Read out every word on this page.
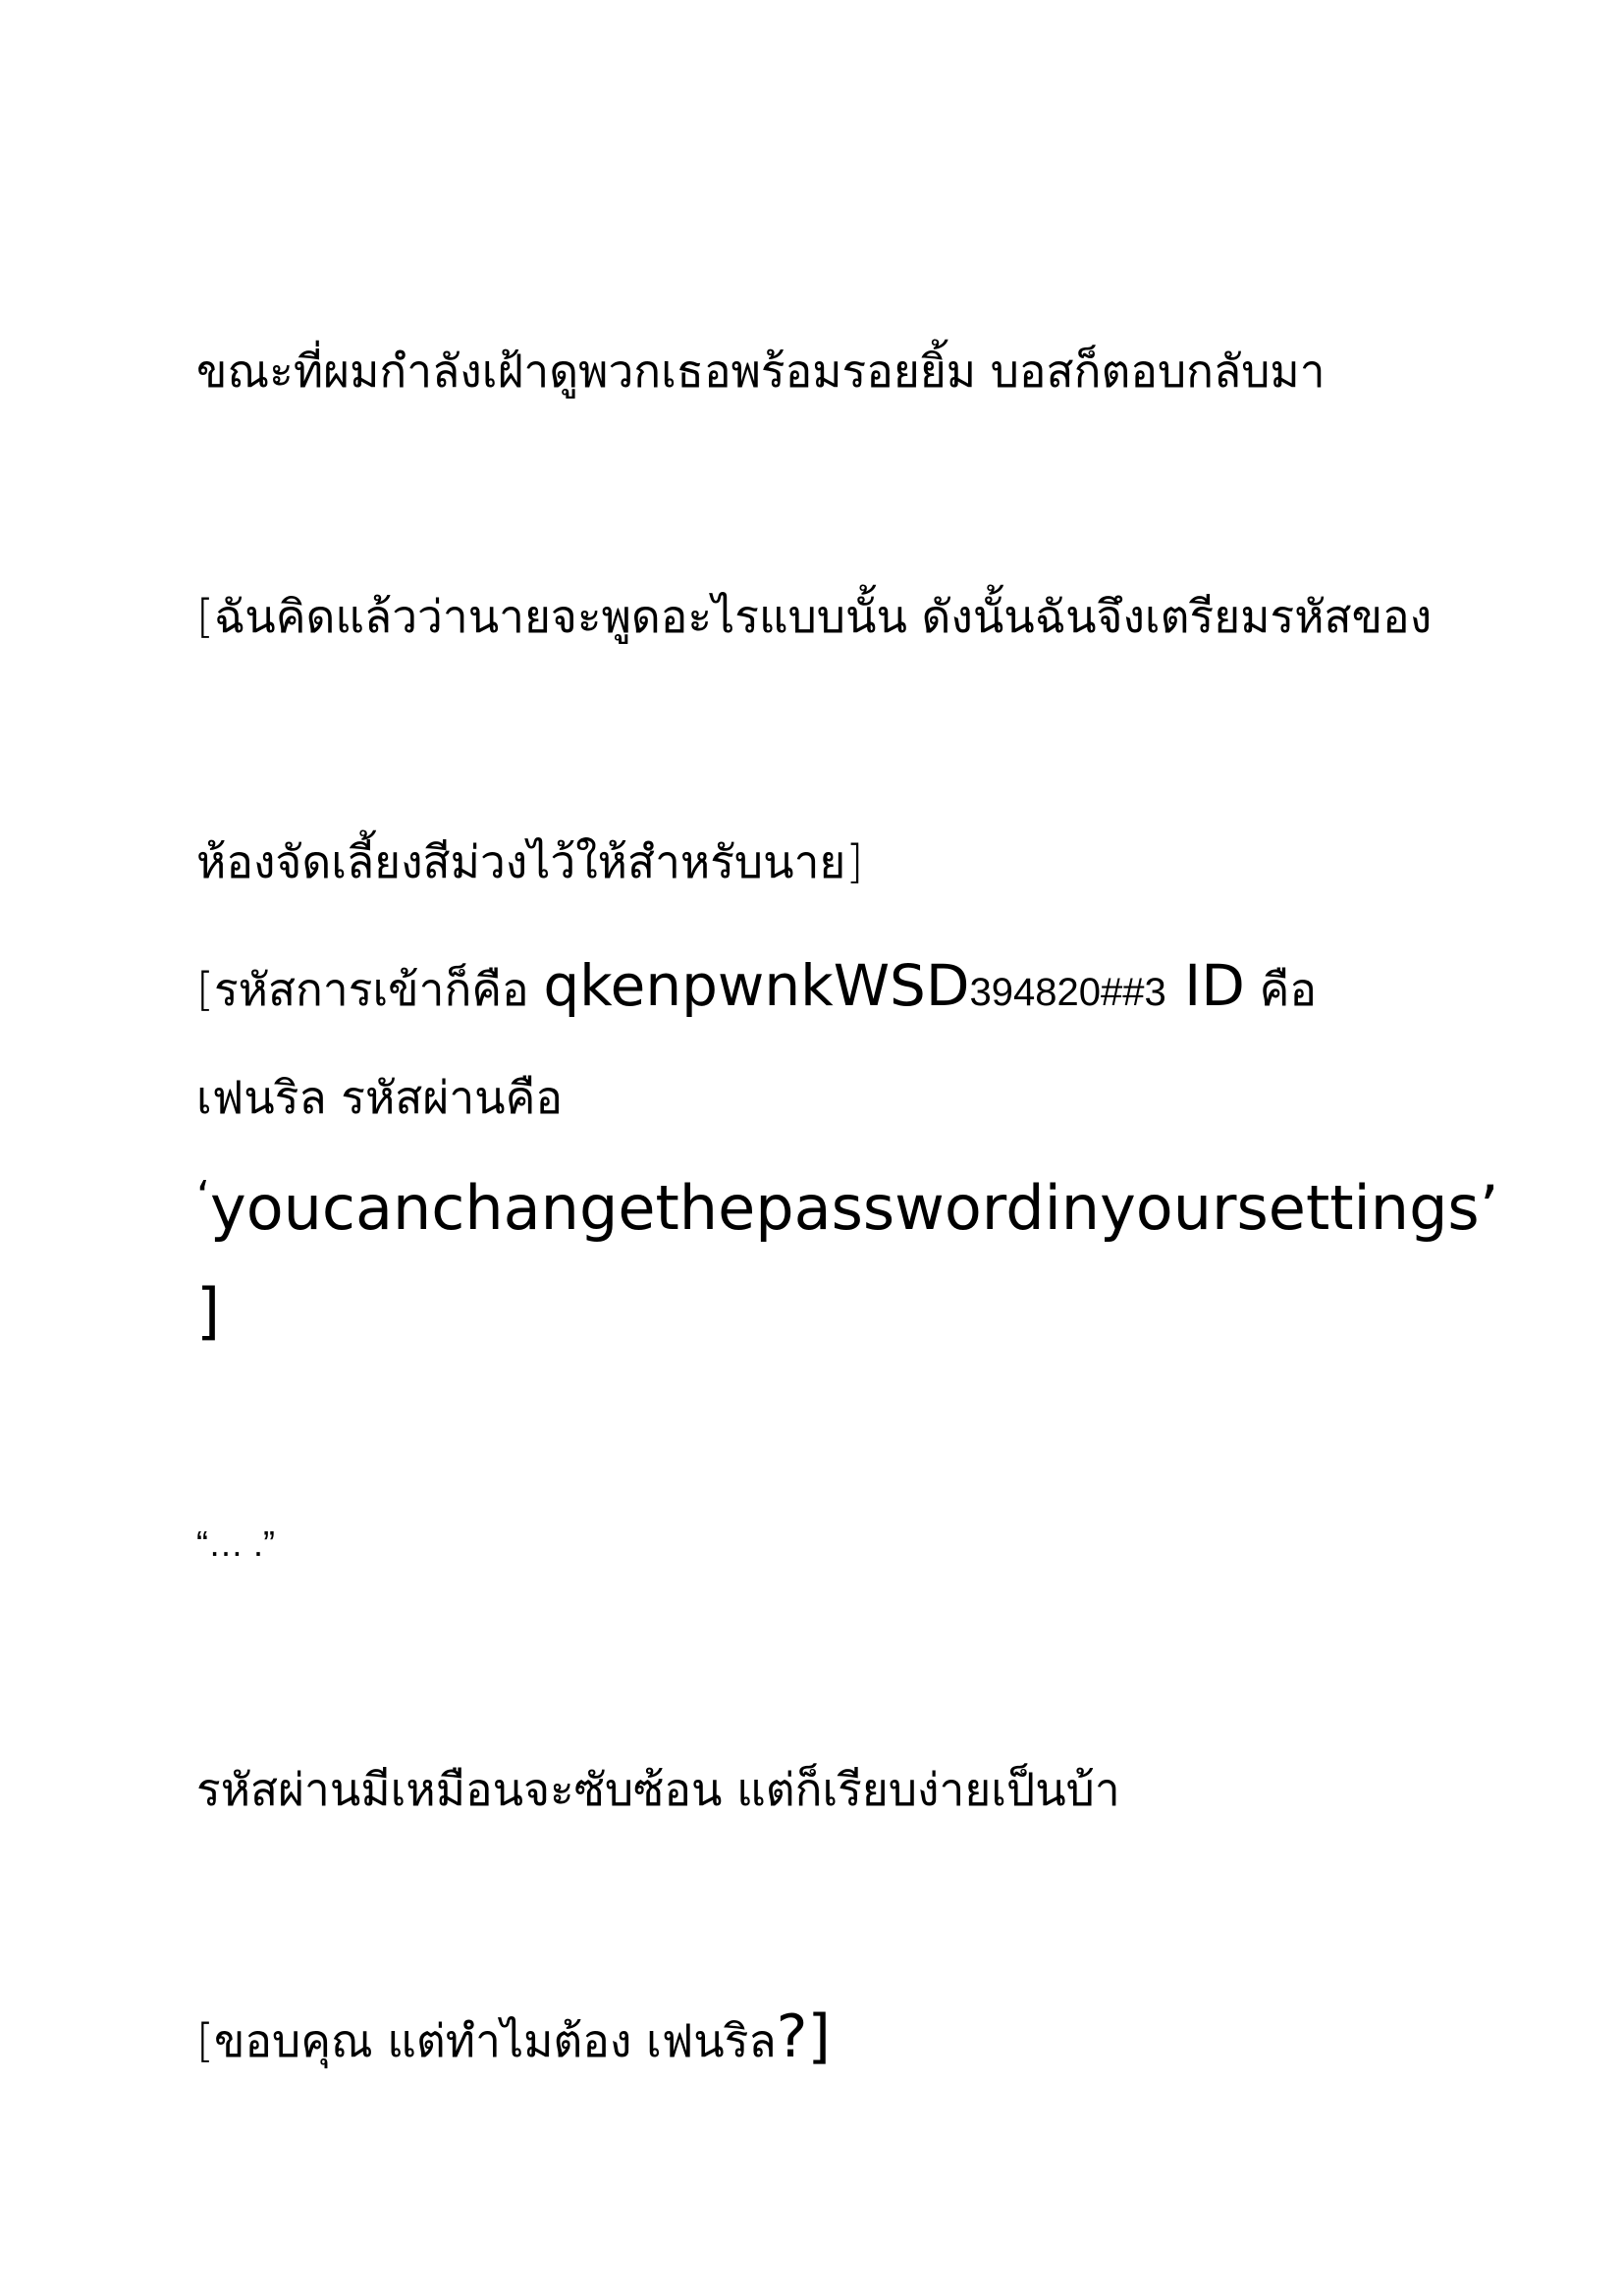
ขณะที่ผมกำลังเฝ้าดูพวกเธอพร้อมรอยยิ้ม บอสก็ตอบกลับมา
[ฉันคิดแล้วว่านายจะพูดอะไรแบบนั้น ดังนั้นฉันจึงเตรียมรหัสของ
ห้องจัดเลี้ยงสีม่วงไว้ให้สำหรับนาย]
[รหัสการเข้าก็คือ qkenpwnkWSD394820##3 ID คือ
เฟนริล รหัสผ่านคือ
‘youcanchangethepasswordinyoursettings’
]
“… .”
รหัสผ่านมีเหมือนจะซับซ้อน แต่ก็เรียบง่ายเป็นบ้า
[ขอบคุณ แต่ทำไมต้อง เฟนริล?]
